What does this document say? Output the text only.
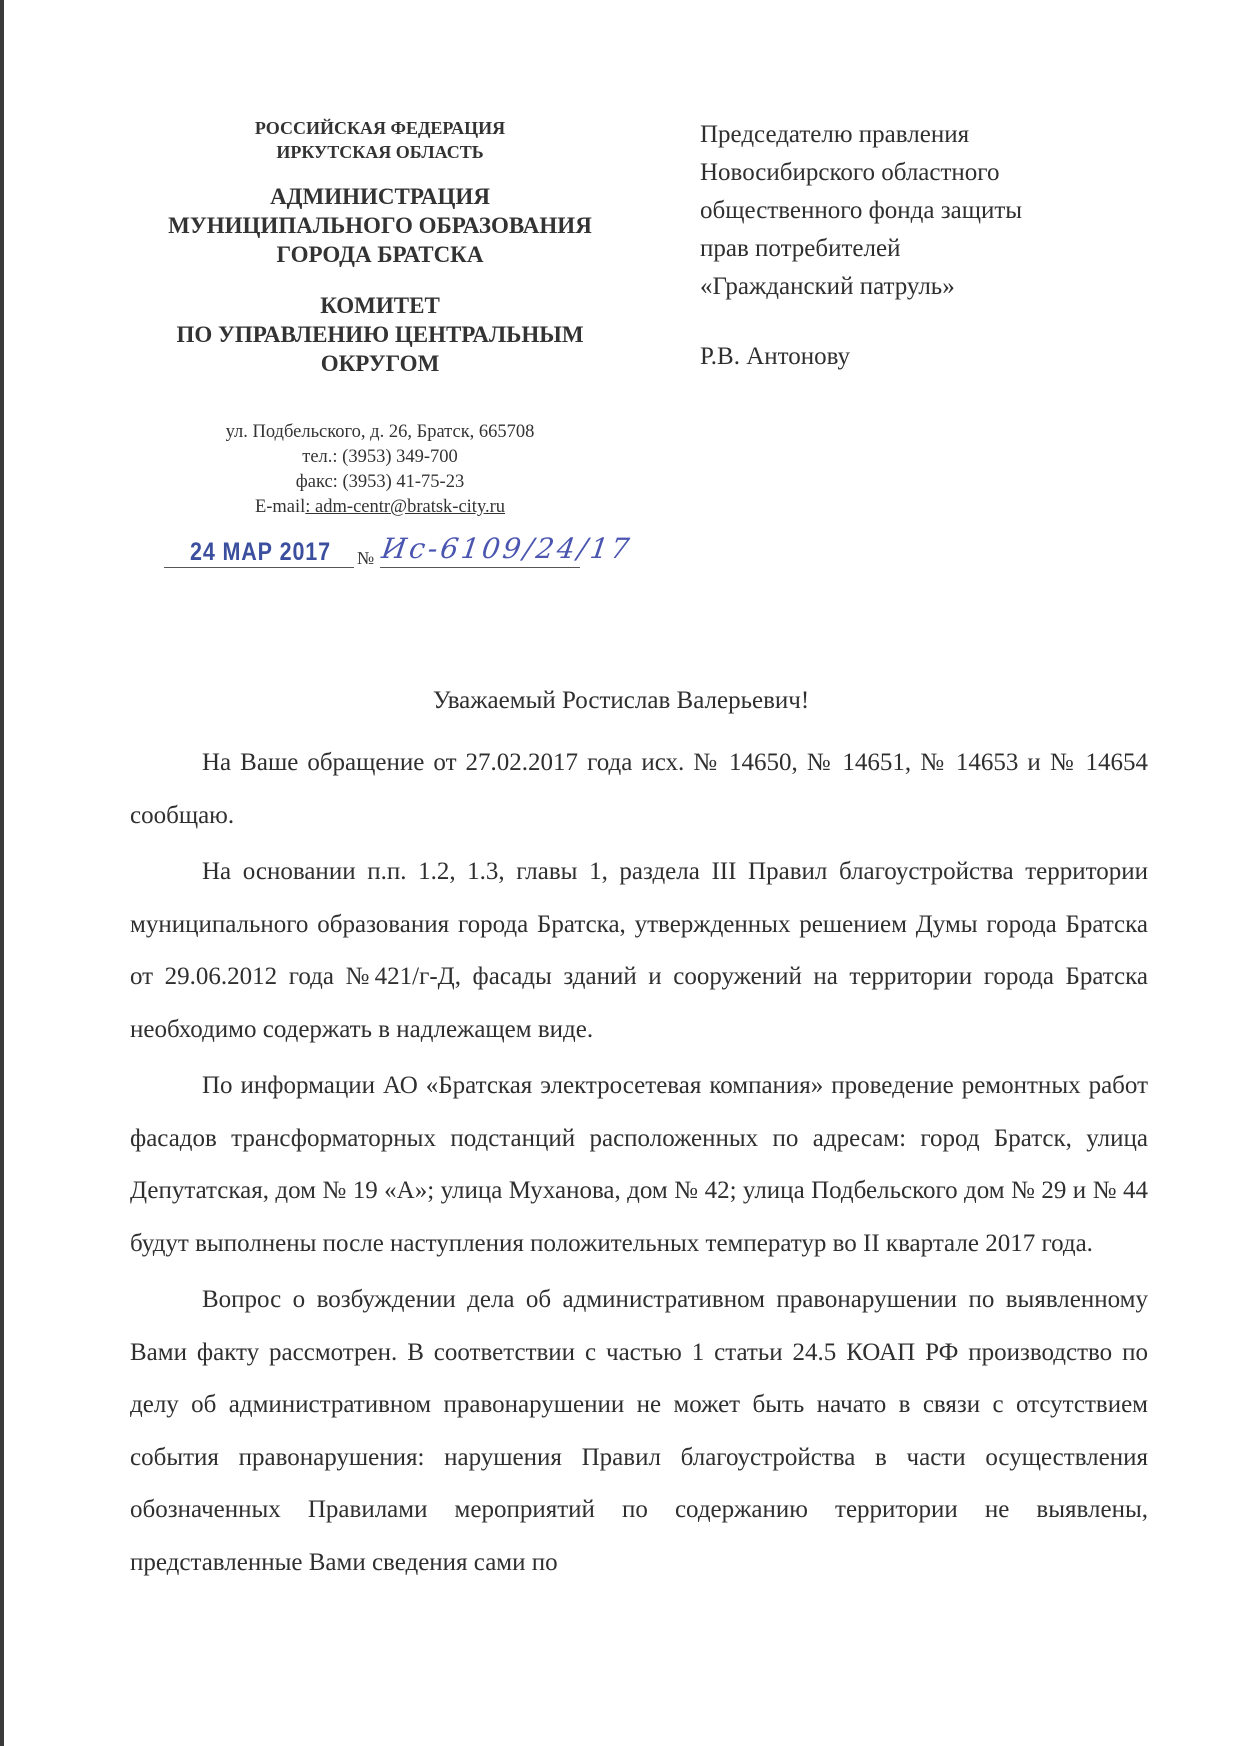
РОССИЙСКАЯ ФЕДЕРАЦИЯ
ИРКУТСКАЯ ОБЛАСТЬ
АДМИНИСТРАЦИЯ
МУНИЦИПАЛЬНОГО ОБРАЗОВАНИЯ
ГОРОДА БРАТСКА
КОМИТЕТ
ПО УПРАВЛЕНИЮ ЦЕНТРАЛЬНЫМ
ОКРУГОМ
ул. Подбельского, д. 26, Братск, 665708
тел.: (3953) 349-700
факс: (3953) 41-75-23
E-mail: adm-centr@bratsk-city.ru
24 МАР 2017 № Ис-6109/24/17
Председателю правления
Новосибирского областного
общественного фонда защиты
прав потребителей
«Гражданский патруль»
Р.В. Антонову
Уважаемый Ростислав Валерьевич!

На Ваше обращение от 27.02.2017 года исх. № 14650, № 14651, № 14653 и № 14654 сообщаю.

На основании п.п. 1.2, 1.3, главы 1, раздела III Правил благоустройства территории муниципального образования города Братска, утвержденных решением Думы города Братска от 29.06.2012 года №421/г-Д, фасады зданий и сооружений на территории города Братска необходимо содержать в надлежащем виде.

По информации АО «Братская электросетевая компания» проведение ремонтных работ фасадов трансформаторных подстанций расположенных по адресам: город Братск, улица Депутатская, дом № 19 «А»; улица Муханова, дом № 42; улица Подбельского дом № 29 и № 44 будут выполнены после наступления положительных температур во II квартале 2017 года.

Вопрос о возбуждении дела об административном правонарушении по выявленному Вами факту рассмотрен. В соответствии с частью 1 статьи 24.5 КОАП РФ производство по делу об административном правонарушении не может быть начато в связи с отсутствием события правонарушения: нарушения Правил благоустройства в части осуществления обозначенных Правилами мероприятий по содержанию территории не выявлены, представленные Вами сведения сами по
